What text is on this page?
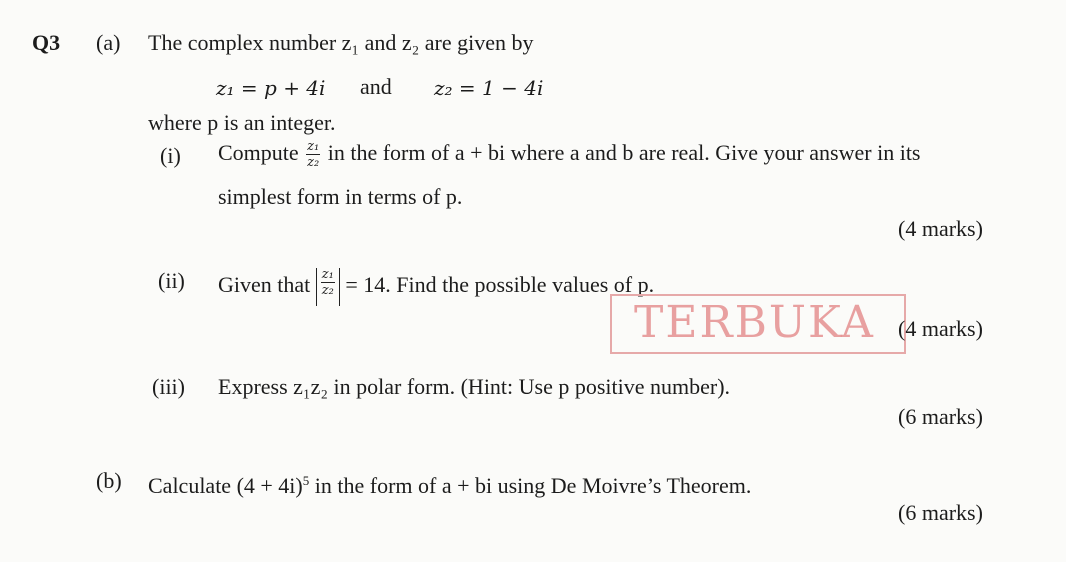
Q3 (a) The complex number z₁ and z₂ are given by
z₁ = p + 4i and z₂ = 1 − 4i
where p is an integer.
(i) Compute $\frac{\text{z₁}}{\text{z₂}}$ in the form of a + bi where a and b are real. Give your answer in its
simplest form in terms of p.
(4 marks)
(ii) Given that $\frac{\text{z₁}}{\text{z₂}} = 14$. Find the possible values of p.
TERBUKA (4 marks)
(iii) Express z₁z₂ in polar form. (Hint: Use p positive number).
(6 marks)
(b) Calculate $(4 + 4i)^5$ in the form of a + bi using De Moivre’s Theorem.
(6 marks)
